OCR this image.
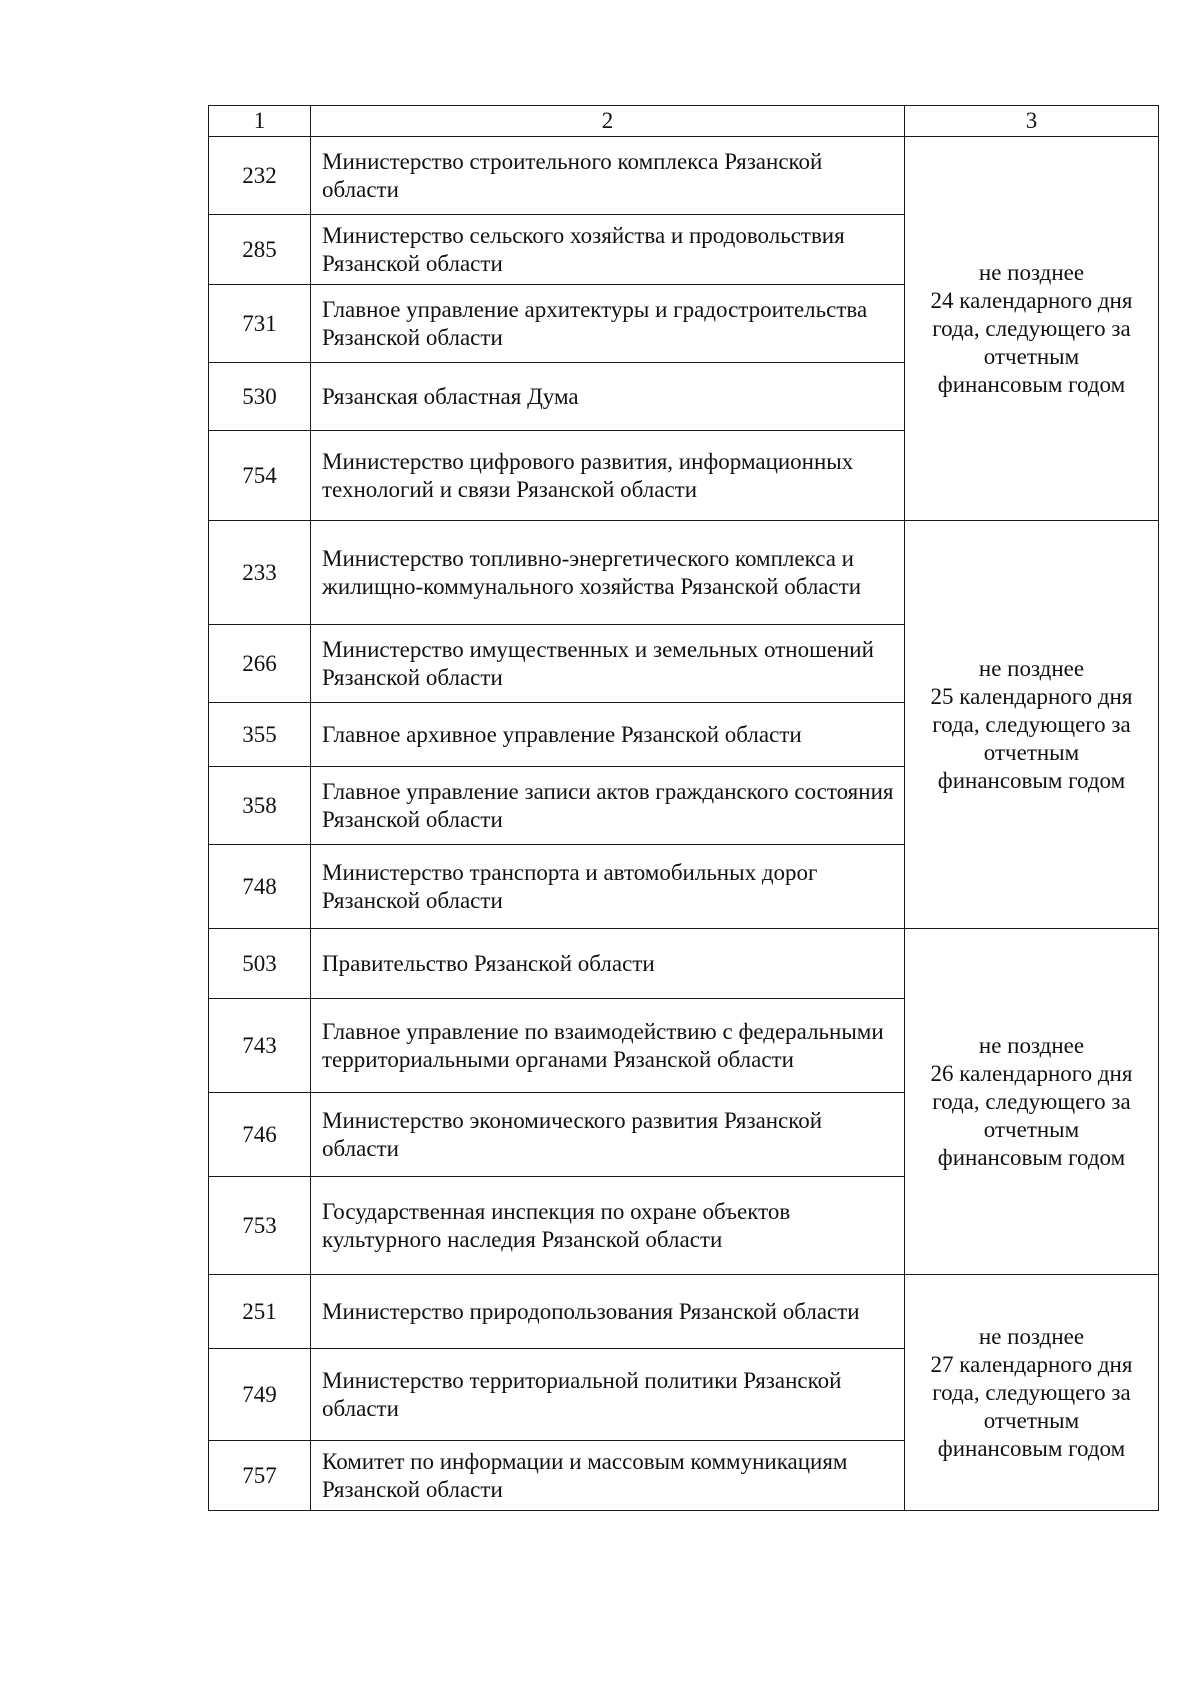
1	2	3
232	Министерство строительного комплекса Рязанской области	не позднее
24 календарного дня
года, следующего за
отчетным
финансовым годом

285	Министерство сельского хозяйства и продовольствия Рязанской области	
731	Главное управление архитектуры и градостроительства Рязанской области	
530	Рязанская областная Дума	
754	Министерство цифрового развития, информационных технологий и связи Рязанской области	
233	Министерство топливно-энергетического комплекса и жилищно-коммунального хозяйства Рязанской области	не позднее
25 календарного дня
года, следующего за
отчетным
финансовым годом

266	Министерство имущественных и земельных отношений Рязанской области	
355	Главное архивное управление Рязанской области	
358	Главное управление записи актов гражданского состояния Рязанской области	
748	Министерство транспорта и автомобильных дорог Рязанской области	
503	Правительство Рязанской области	не позднее
26 календарного дня
года, следующего за
отчетным
финансовым годом

743	Главное управление по взаимодействию с федеральными территориальными органами Рязанской области	
746	Министерство экономического развития Рязанской области	
753	Государственная инспекция по охране объектов культурного наследия Рязанской области	
251	Министерство природопользования Рязанской области	не позднее
27 календарного дня
года, следующего за
отчетным
финансовым годом

749	Министерство территориальной политики Рязанской области	
757	Комитет по информации и массовым коммуникациям Рязанской области	
